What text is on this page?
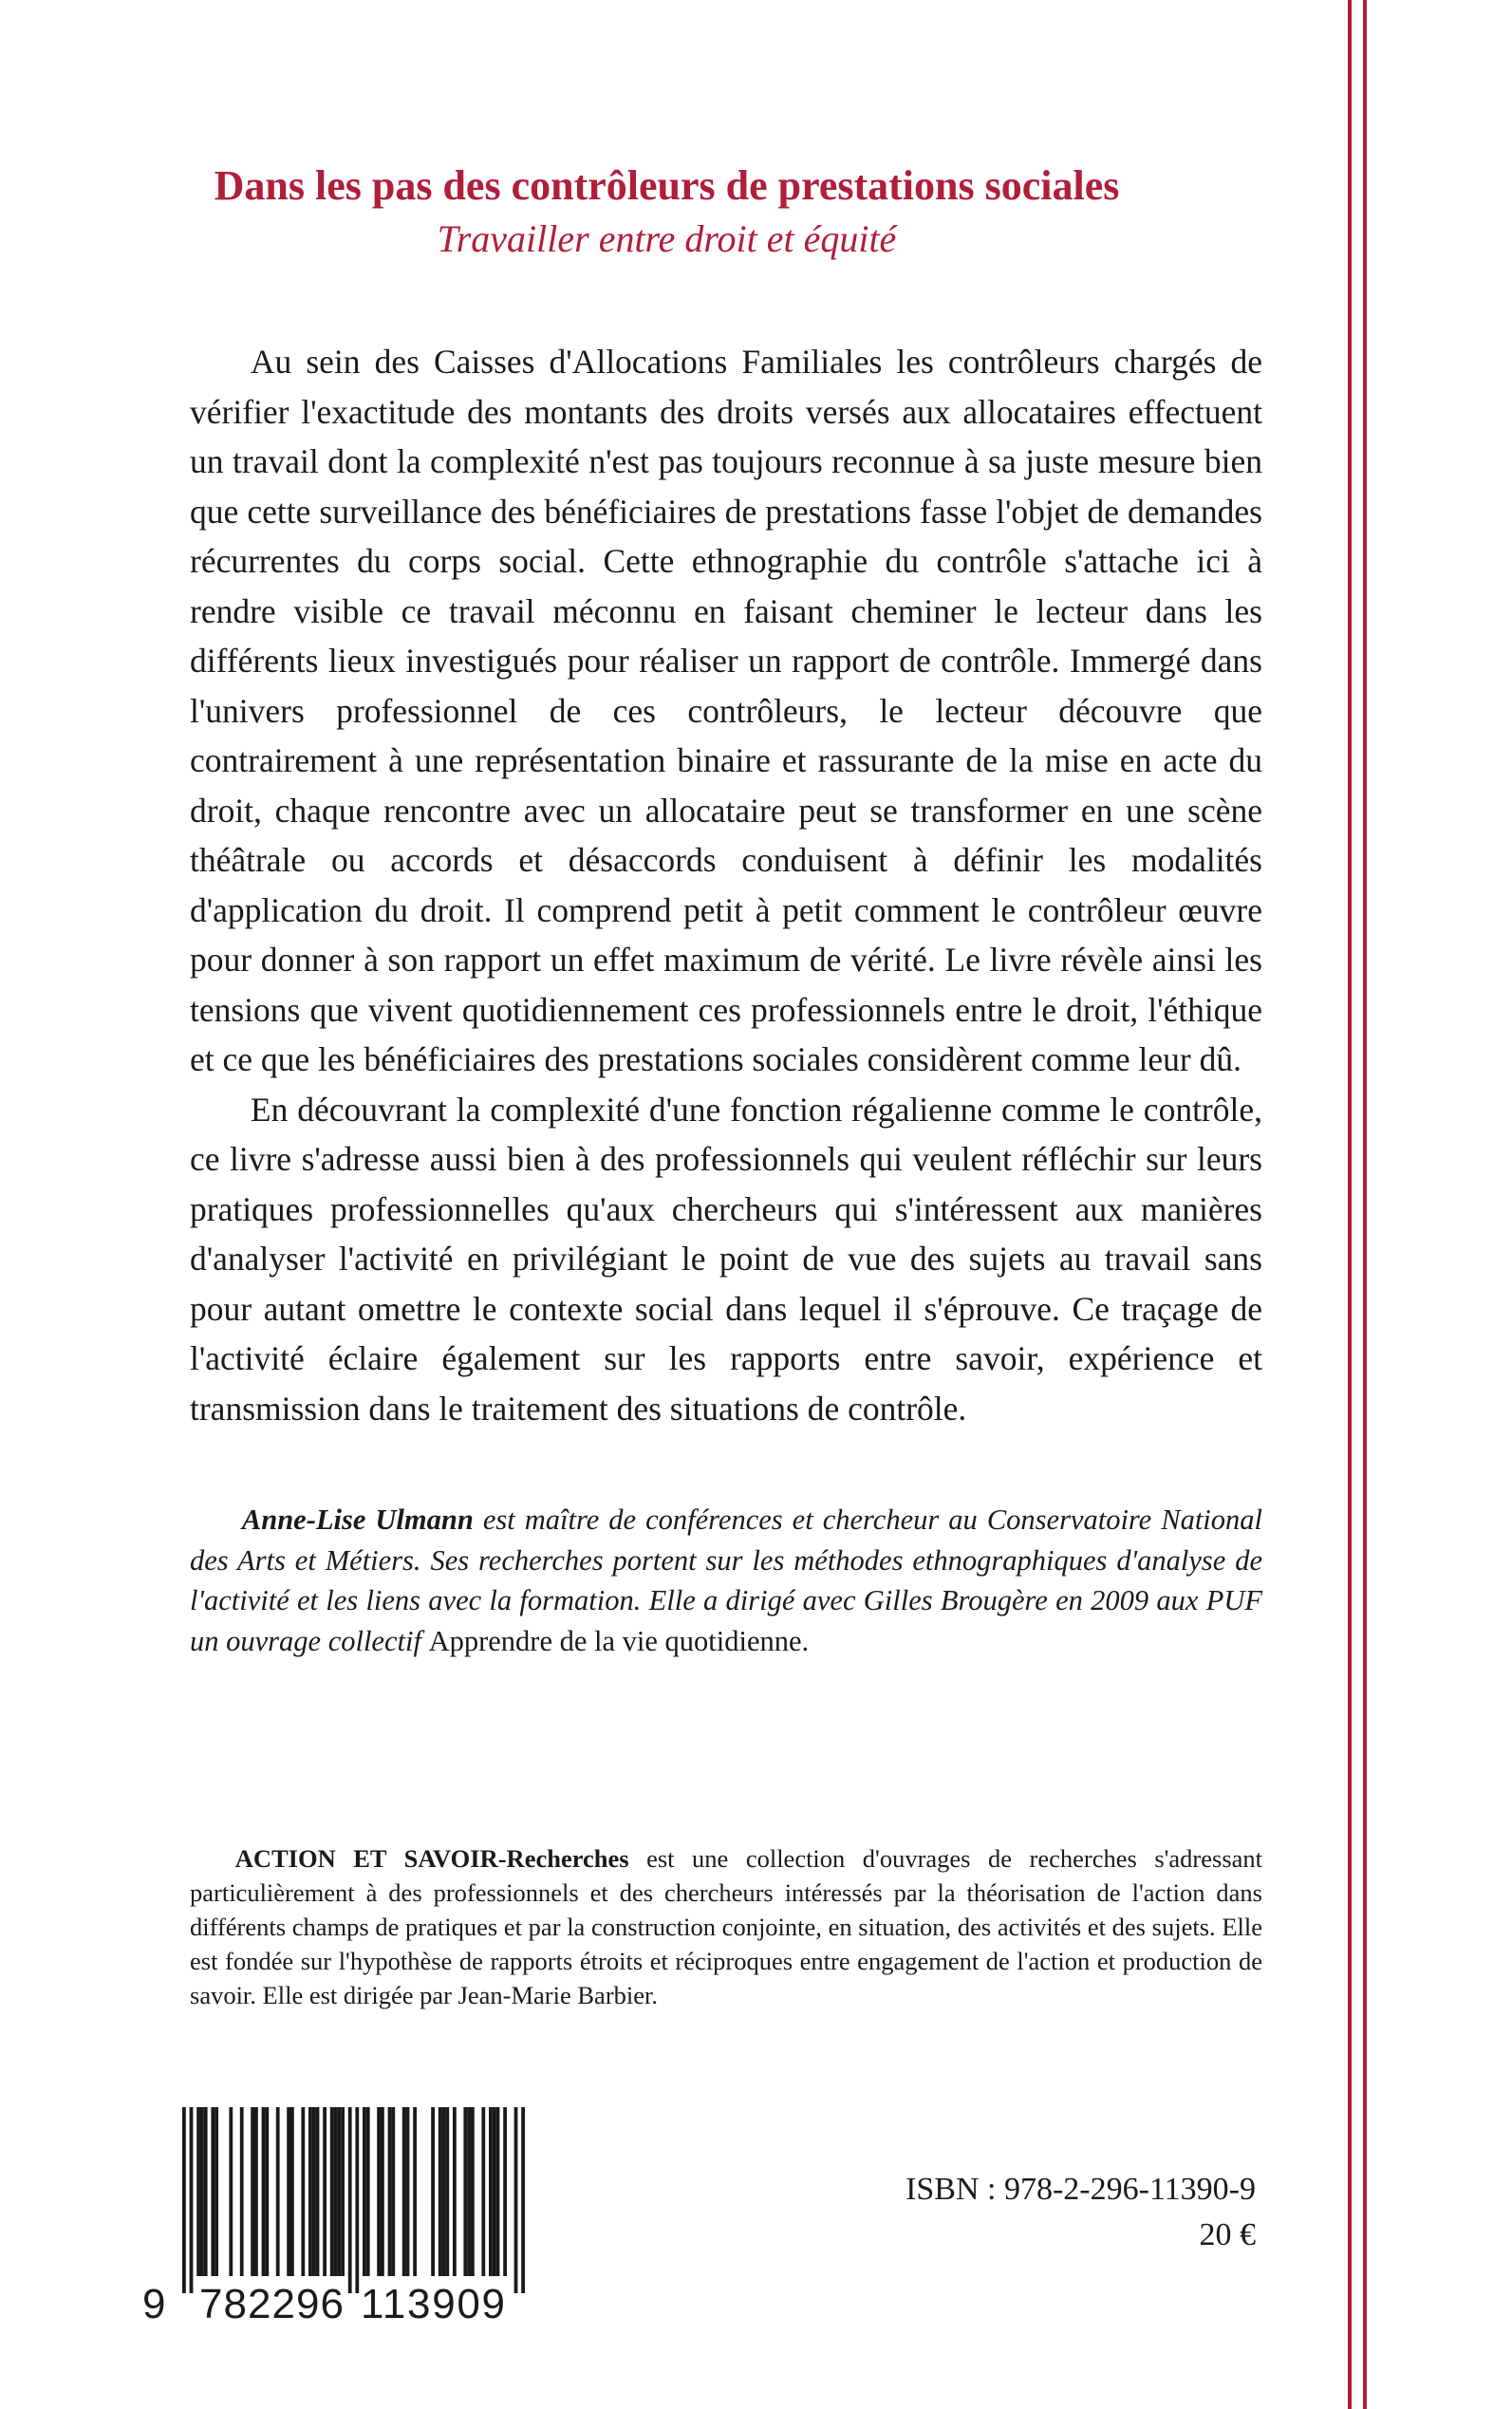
Dans les pas des contrôleurs de prestations sociales

Travailler entre droit et équité

Au sein des Caisses d'Allocations Familiales les contrôleurs chargés de vérifier l'exactitude des montants des droits versés aux allocataires effectuent un travail dont la complexité n'est pas toujours reconnue à sa juste mesure bien que cette surveillance des bénéficiaires de prestations fasse l'objet de demandes récurrentes du corps social. Cette ethnographie du contrôle s'attache ici à rendre visible ce travail méconnu en faisant cheminer le lecteur dans les différents lieux investigués pour réaliser un rapport de contrôle. Immergé dans l'univers professionnel de ces contrôleurs, le lecteur découvre que contrairement à une représentation binaire et rassurante de la mise en acte du droit, chaque rencontre avec un allocataire peut se transformer en une scène théâtrale ou accords et désaccords conduisent à définir les modalités d'application du droit. Il comprend petit à petit comment le contrôleur œuvre pour donner à son rapport un effet maximum de vérité. Le livre révèle ainsi les tensions que vivent quotidiennement ces professionnels entre le droit, l'éthique et ce que les bénéficiaires des prestations sociales considèrent comme leur dû.

En découvrant la complexité d'une fonction régalienne comme le contrôle, ce livre s'adresse aussi bien à des professionnels qui veulent réfléchir sur leurs pratiques professionnelles qu'aux chercheurs qui s'intéressent aux manières d'analyser l'activité en privilégiant le point de vue des sujets au travail sans pour autant omettre le contexte social dans lequel il s'éprouve. Ce traçage de l'activité éclaire également sur les rapports entre savoir, expérience et transmission dans le traitement des situations de contrôle.

Anne-Lise Ulmann est maître de conférences et chercheur au Conservatoire National des Arts et Métiers. Ses recherches portent sur les méthodes ethnographiques d'analyse de l'activité et les liens avec la formation. Elle a dirigé avec Gilles Brougère en 2009 aux PUF un ouvrage collectif Apprendre de la vie quotidienne.

ACTION ET SAVOIR-Recherches est une collection d'ouvrages de recherches s'adressant particulièrement à des professionnels et des chercheurs intéressés par la théorisation de l'action dans différents champs de pratiques et par la construction conjointe, en situation, des activités et des sujets. Elle est fondée sur l'hypothèse de rapports étroits et réciproques entre engagement de l'action et production de savoir. Elle est dirigée par Jean-Marie Barbier.

9 782296 113909
ISBN : 978-2-296-11390-9
20 €
